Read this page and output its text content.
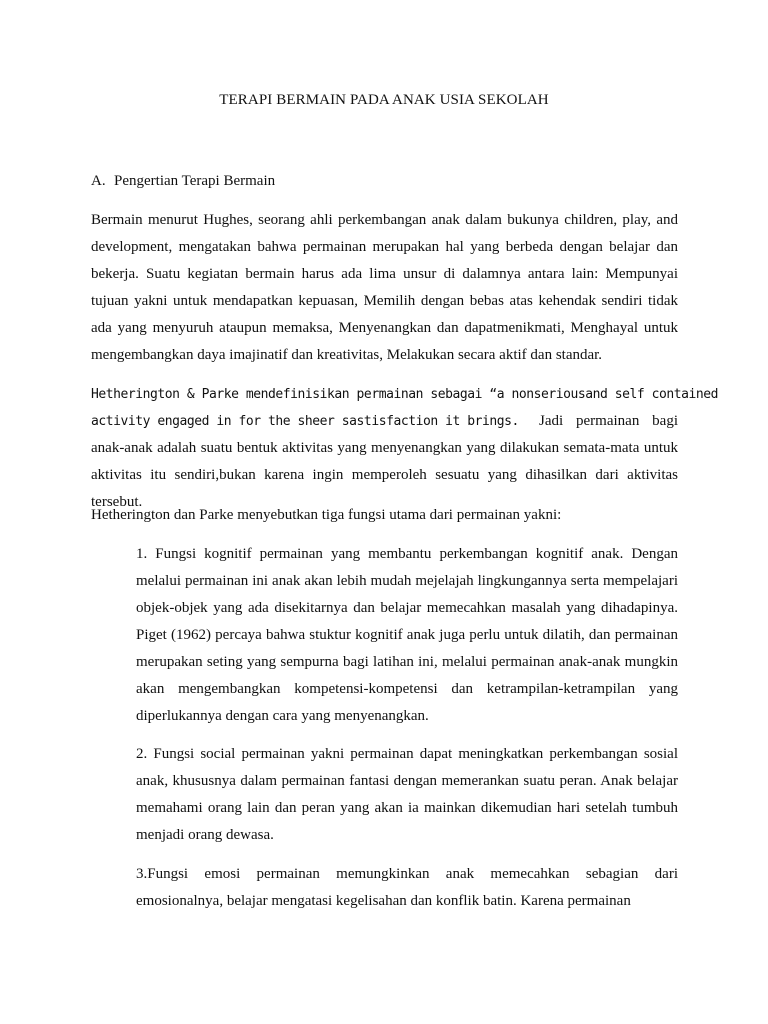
TERAPI BERMAIN PADA ANAK USIA SEKOLAH
A. Pengertian Terapi Bermain

Bermain menurut Hughes, seorang ahli perkembangan anak dalam bukunya children, play, and development, mengatakan bahwa permainan merupakan hal yang berbeda dengan belajar dan bekerja. Suatu kegiatan bermain harus ada lima unsur di dalamnya antara lain: Mempunyai tujuan yakni untuk mendapatkan kepuasan, Memilih dengan bebas atas kehendak sendiri tidak ada yang menyuruh ataupun memaksa, Menyenangkan dan dapatmenikmati, Menghayal untuk mengembangkan daya imajinatif dan kreativitas, Melakukan secara aktif dan standar.

Hetherington & Parke mendefinisikan permainan sebagai “a nonseriousand self contained
activity engaged in for the sheer sastisfaction it brings.	Jadi permainan bagi anak-anak adalah suatu bentuk aktivitas yang menyenangkan yang dilakukan semata-mata untuk aktivitas itu sendiri,bukan karena ingin memperoleh sesuatu yang dihasilkan dari aktivitas tersebut.

Hetherington dan Parke menyebutkan tiga fungsi utama dari permainan yakni:

1. Fungsi kognitif permainan yang membantu perkembangan kognitif anak. Dengan melalui permainan ini anak akan lebih mudah mejelajah lingkungannya serta mempelajari objek-objek yang ada disekitarnya dan belajar memecahkan masalah yang dihadapinya. Piget (1962) percaya bahwa stuktur kognitif anak juga perlu untuk dilatih, dan permainan merupakan seting yang sempurna bagi latihan ini, melalui permainan anak-anak mungkin akan mengembangkan kompetensi-kompetensi dan ketrampilan-ketrampilan yang diperlukannya dengan cara yang menyenangkan.

2. Fungsi social permainan yakni permainan dapat meningkatkan perkembangan sosial anak, khususnya dalam permainan fantasi dengan memerankan suatu peran. Anak belajar memahami orang lain dan peran yang akan ia mainkan dikemudian hari setelah tumbuh menjadi orang dewasa.

3.Fungsi emosi permainan memungkinkan anak memecahkan sebagian dari emosionalnya, belajar mengatasi kegelisahan dan konflik batin. Karena permainan
